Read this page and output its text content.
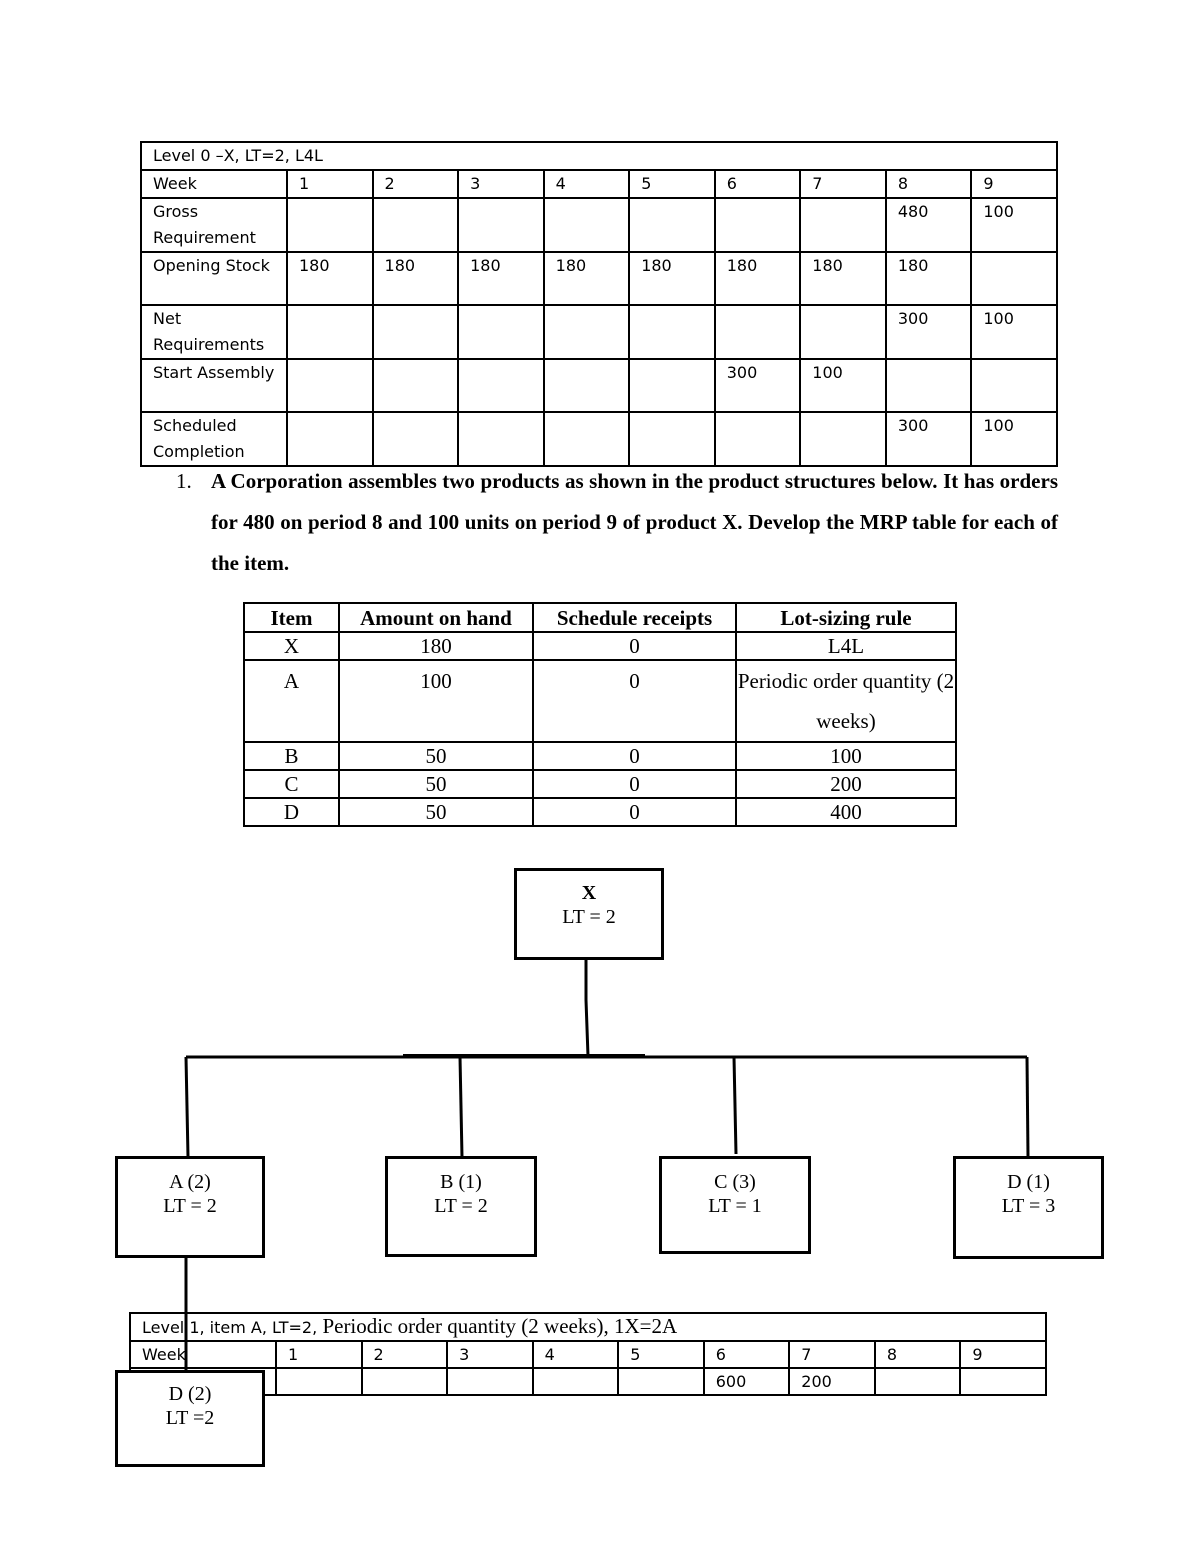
Level 0 –X, LT=2, L4L									
Week	1	2	3	4	5	6	7	8	9
Gross Requirement								480	100
Opening Stock	180	180	180	180	180	180	180	180	
Net Requirements								300	100
Start Assembly						300	100		
Scheduled Completion								300	100
1. A Corporation assembles two products as shown in the product structures below. It has orders for 480 on period 8 and 100 units on period 9 of product X. Develop the MRP table for each of the item.
Item	Amount on hand	Schedule receipts	Lot-sizing rule
X	180	0	L4L
A	100	0	Periodic order quantity (2 weeks)
B	50	0	100
C	50	0	200
D	50	0	400
X
LT = 2
A (2)
LT = 2
B (1)
LT = 2
C (3)
LT = 1
D (1)
LT = 3
Level 1, item A, LT=2, Periodic order quantity (2 weeks), 1X=2A									
Week	1	2	3	4	5	6	7	8	9
						600	200		
D (2)
LT =2
